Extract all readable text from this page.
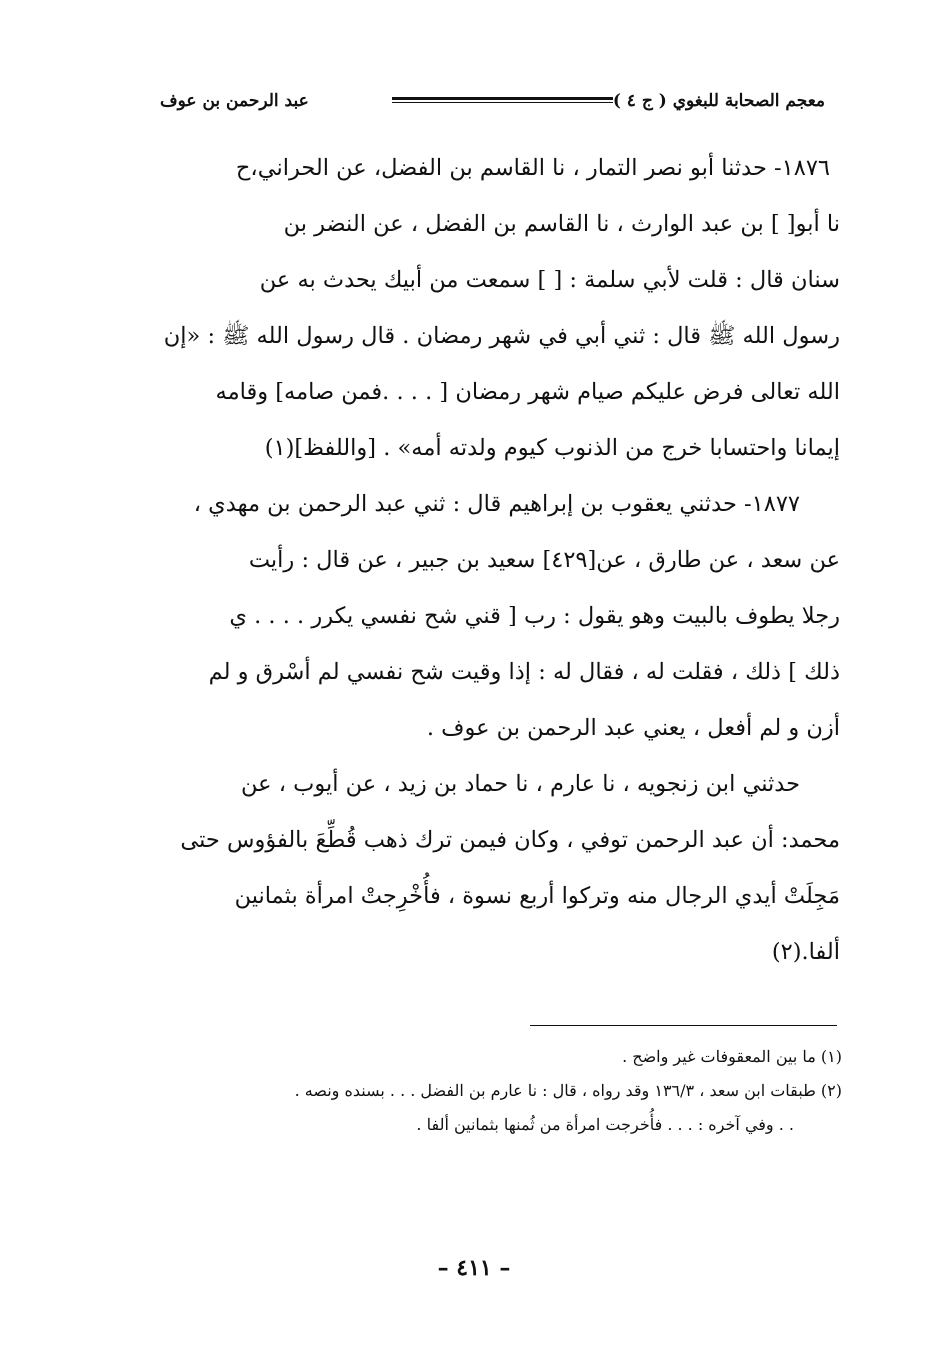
معجم الصحابة للبغوي ( ج ٤ )
عبد الرحمن بن عوف
١٨٧٦- حدثنا أبو نصر التمار ، نا القاسم بن الفضل، عن الحراني،ح
نا أبو[ ] بن عبد الوارث ، نا القاسم بن الفضل ، عن النضر بن
سنان قال : قلت لأبي سلمة : [ ] سمعت من أبيك يحدث به عن
رسول الله ﷺ قال : ثني أبي في شهر رمضان . قال رسول الله ﷺ : «إن
الله تعالى فرض عليكم صيام شهر رمضان [ . . . .فمن صامه] وقامه
إيمانا واحتسابا خرج من الذنوب كيوم ولدته أمه» . [واللفظ](١)
١٨٧٧- حدثني يعقوب بن إبراهيم قال : ثني عبد الرحمن بن مهدي ،
عن سعد ، عن طارق ، عن[٤٢٩] سعيد بن جبير ، عن قال : رأيت
رجلا يطوف بالبيت وهو يقول : رب [ قني شح نفسي يكرر . . . . ي
ذلك ] ذلك ، فقلت له ، فقال له : إذا وقيت شح نفسي لم أسْرق و لم
أزن و لم أفعل ، يعني عبد الرحمن بن عوف .
حدثني ابن زنجويه ، نا عارم ، نا حماد بن زيد ، عن أيوب ، عن
محمد: أن عبد الرحمن توفي ، وكان فيمن ترك ذهب قُطِّعَ بالفؤوس حتى
مَجِلَتْ أيدي الرجال منه وتركوا أربع نسوة ، فأُخْرِجتْ امرأة بثمانين
ألفا.(٢)
(١) ما بين المعقوفات غير واضح .
(٢) طبقات ابن سعد ، ١٣٦/٣ وقد رواه ، قال : نا عارم بن الفضل . . . بسنده ونصه .
. . وفي آخره : . . . فأُخرجت امرأة من ثُمنها بثمانين ألفا .
– ٤١١ –
